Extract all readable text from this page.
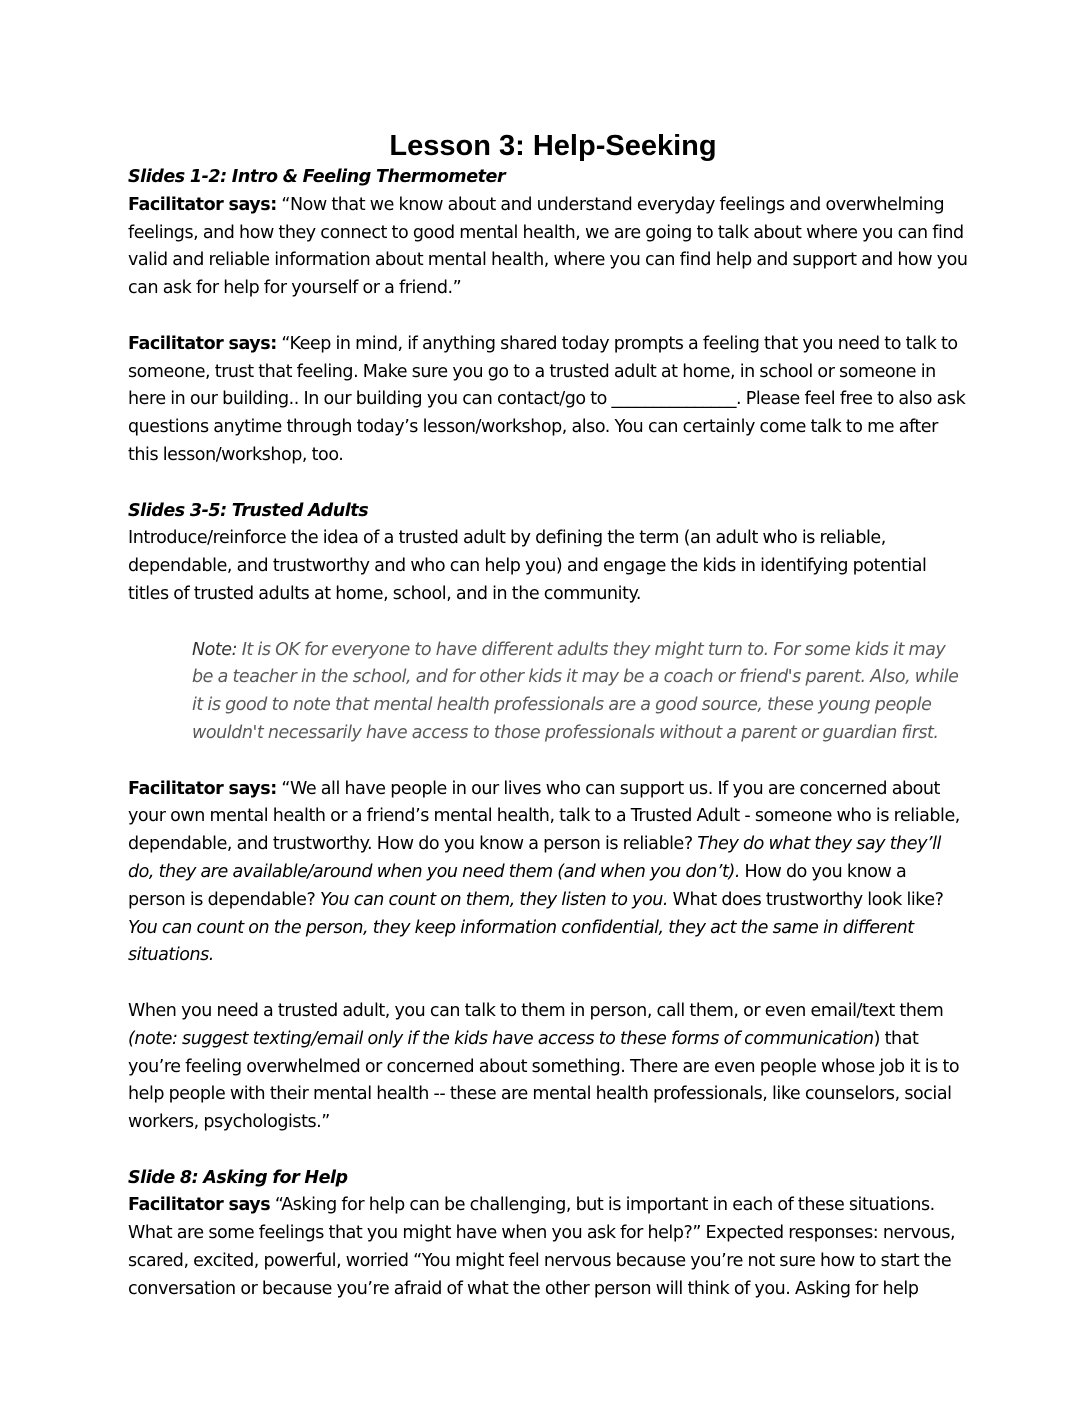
Lesson 3: Help-Seeking

Slides 1-2: Intro & Feeling Thermometer

Facilitator says: “Now that we know about and understand everyday feelings and overwhelming feelings, and how they connect to good mental health, we are going to talk about where you can find valid and reliable information about mental health, where you can find help and support and how you can ask for help for yourself or a friend.”

Facilitator says: “Keep in mind, if anything shared today prompts a feeling that you need to talk to someone, trust that feeling. Make sure you go to a trusted adult at home, in school or someone in here in our building.. In our building you can contact/go to _______________. Please feel free to also ask questions anytime through today’s lesson/workshop, also. You can certainly come talk to me after this lesson/workshop, too.

Slides 3-5: Trusted Adults

Introduce/reinforce the idea of a trusted adult by defining the term (an adult who is reliable, dependable, and trustworthy and who can help you) and engage the kids in identifying potential titles of trusted adults at home, school, and in the community.

Note: It is OK for everyone to have different adults they might turn to. For some kids it may be a teacher in the school, and for other kids it may be a coach or friend's parent. Also, while it is good to note that mental health professionals are a good source, these young people wouldn't necessarily have access to those professionals without a parent or guardian first.

Facilitator says: “We all have people in our lives who can support us. If you are concerned about your own mental health or a friend’s mental health, talk to a Trusted Adult - someone who is reliable, dependable, and trustworthy. How do you know a person is reliable? They do what they say they’ll do, they are available/around when you need them (and when you don’t). How do you know a person is dependable? You can count on them, they listen to you. What does trustworthy look like? You can count on the person, they keep information confidential, they act the same in different situations.

When you need a trusted adult, you can talk to them in person, call them, or even email/text them (note: suggest texting/email only if the kids have access to these forms of communication) that you’re feeling overwhelmed or concerned about something. There are even people whose job it is to help people with their mental health -- these are mental health professionals, like counselors, social workers, psychologists.”

Slide 8: Asking for Help

Facilitator says “Asking for help can be challenging, but is important in each of these situations. What are some feelings that you might have when you ask for help?” Expected responses: nervous, scared, excited, powerful, worried “You might feel nervous because you’re not sure how to start the conversation or because you’re afraid of what the other person will think of you. Asking for help
